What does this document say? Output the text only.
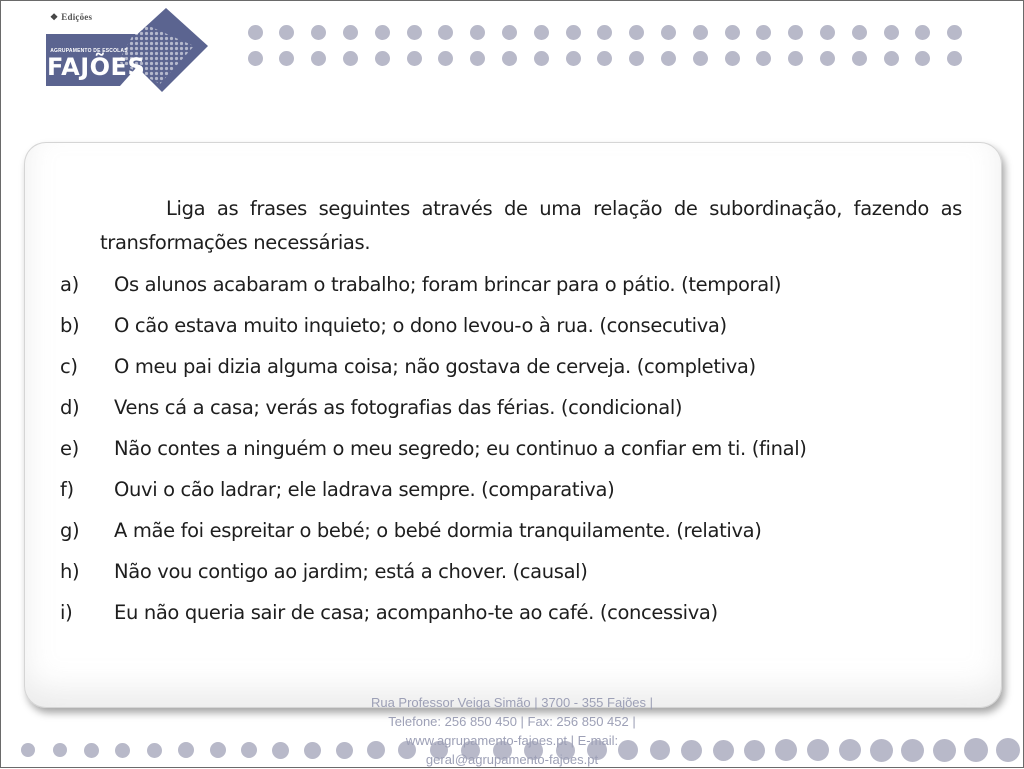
❖ Edições
AGRUPAMENTO DE ESCOLAS
FAJÕES

Liga as frases seguintes através de uma relação de subordinação, fazendo as transformações necessárias.

a) Os alunos acabaram o trabalho; foram brincar para o pátio. (temporal)
b) O cão estava muito inquieto; o dono levou-o à rua. (consecutiva)
c) O meu pai dizia alguma coisa; não gostava de cerveja. (completiva)
d) Vens cá a casa; verás as fotografias das férias. (condicional)
e) Não contes a ninguém o meu segredo; eu continuo a confiar em ti. (final)
f) Ouvi o cão ladrar; ele ladrava sempre. (comparativa)
g) A mãe foi espreitar o bebé; o bebé dormia tranquilamente. (relativa)
h) Não vou contigo ao jardim; está a chover. (causal)
i) Eu não queria sair de casa; acompanho-te ao café. (concessiva)

Rua Professor Veiga Simão | 3700 - 355 Fajões | Telefone: 256 850 450 | Fax: 256 850 452 | www.agrupamento-fajoes.pt | E-mail: geral@agrupamento-fajoes.pt
